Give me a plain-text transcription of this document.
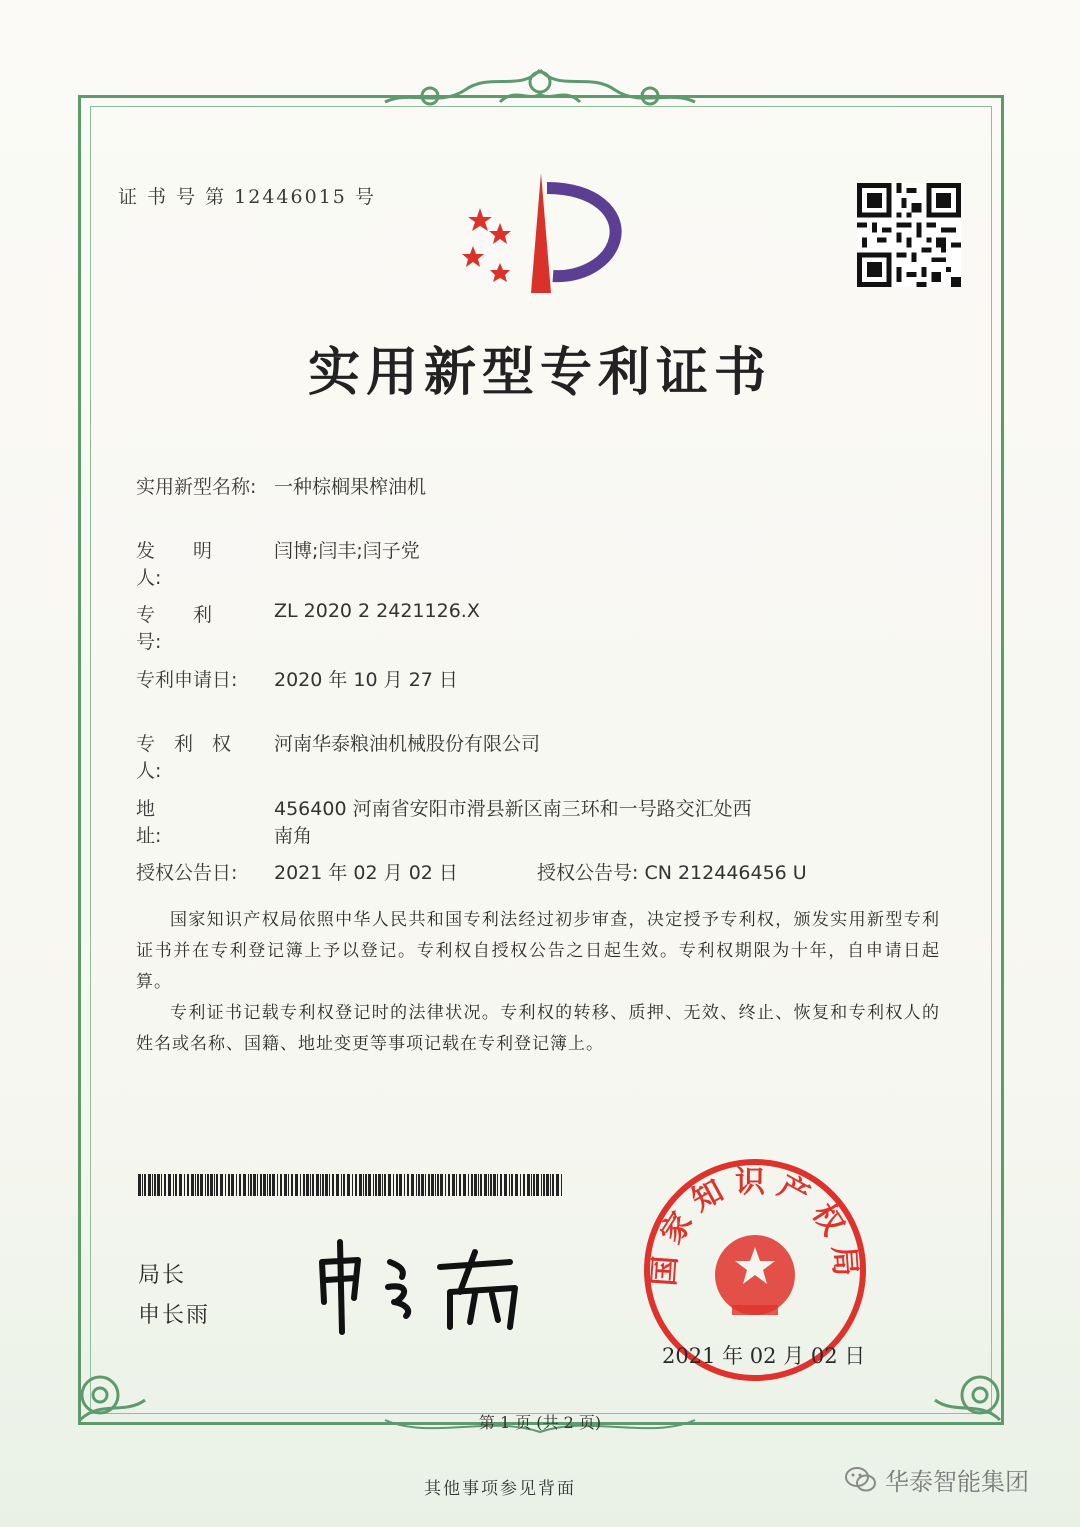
证 书 号 第 12446015 号
实用新型专利证书
实用新型名称: 一种棕榈果榨油机
发　　明　　人:闫博;闫丰;闫子党
专　　利　　号:ZL 2020 2 2421126.X
专利申请日: 2020 年 10 月 27 日
专　利　权　人:河南华泰粮油机械股份有限公司
地　　　　　址:456400 河南省安阳市滑县新区南三环和一号路交汇处西
南角
授权公告日: 2021 年 02 月 02 日	授权公告号: CN 212446456 U

国家知识产权局依照中华人民共和国专利法经过初步审查，决定授予专利权，颁发实用新型专利证书并在专利登记簿上予以登记。专利权自授权公告之日起生效。专利权期限为十年，自申请日起算。

专利证书记载专利权登记时的法律状况。专利权的转移、质押、无效、终止、恢复和专利权人的姓名或名称、国籍、地址变更等事项记载在专利登记簿上。

局长
申长雨
国家知识产权局
2021 年 02 月 02 日
第 1 页 (共 2 页)
其他事项参见背面	华泰智能集团
